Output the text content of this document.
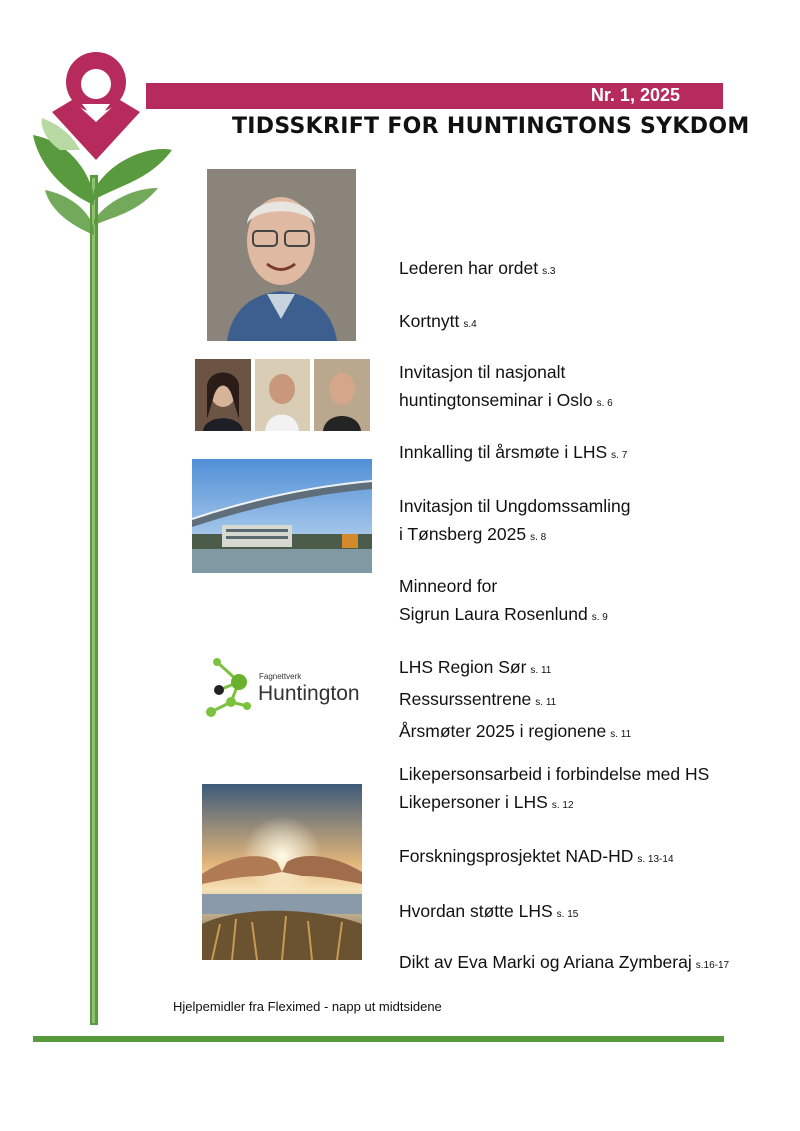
Nr. 1, 2025
TIDSSKRIFT FOR HUNTINGTONS SYKDOM
Fagnettverk
Huntington
Lederen har ordet s.3
Kortnytt s.4
Invitasjon til nasjonalt
huntingtonseminar i Oslo s. 6
Innkalling til årsmøte i LHS s. 7
Invitasjon til Ungdomssamling
i Tønsberg 2025 s. 8
Minneord for
Sigrun Laura Rosenlund s. 9
LHS Region Sør s. 11
Ressurssentrene s. 11
Årsmøter 2025 i regionene s. 11
Likepersonsarbeid i forbindelse med HS
Likepersoner i LHS s. 12
Forskningsprosjektet NAD-HD s. 13-14
Hvordan støtte LHS s. 15
Dikt av Eva Marki og Ariana Zymberaj s.16-17
Hjelpemidler fra Fleximed - napp ut midtsidene
